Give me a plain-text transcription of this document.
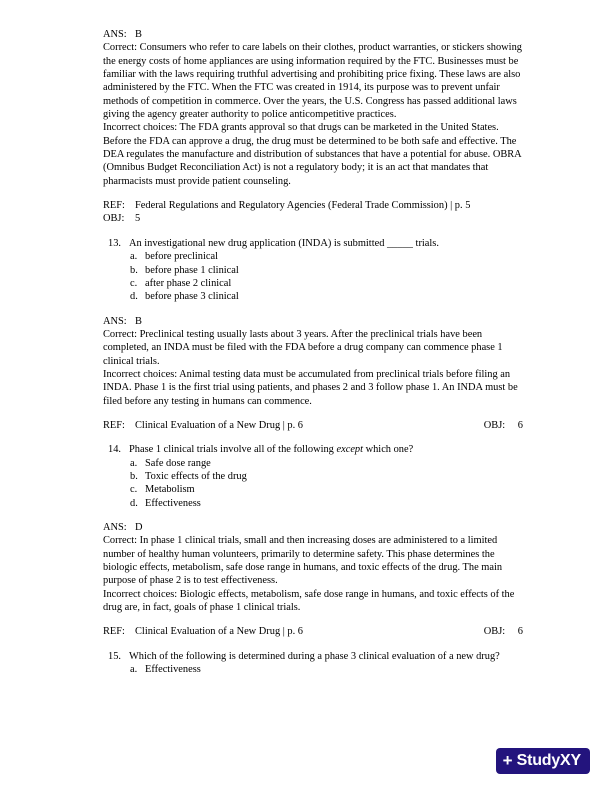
ANS: B

Correct: Consumers who refer to care labels on their clothes, product warranties, or stickers showing the energy costs of home appliances are using information required by the FTC. Businesses must be familiar with the laws requiring truthful advertising and prohibiting price fixing. These laws are also administered by the FTC. When the FTC was created in 1914, its purpose was to prevent unfair methods of competition in commerce. Over the years, the U.S. Congress has passed additional laws giving the agency greater authority to police anticompetitive practices.

Incorrect choices: The FDA grants approval so that drugs can be marketed in the United States. Before the FDA can approve a drug, the drug must be determined to be both safe and effective. The DEA regulates the manufacture and distribution of substances that have a potential for abuse. OBRA (Omnibus Budget Reconciliation Act) is not a regulatory body; it is an act that mandates that pharmacists must provide patient counseling.

REF: Federal Regulations and Regulatory Agencies (Federal Trade Commission) | p. 5
OBJ:	5
13. An investigational new drug application (INDA) is submitted _____ trials.
a. before preclinical
b. before phase 1 clinical
c. after phase 2 clinical
d. before phase 3 clinical
ANS: B

Correct: Preclinical testing usually lasts about 3 years. After the preclinical trials have been completed, an INDA must be filed with the FDA before a drug company can commence phase 1 clinical trials.

Incorrect choices: Animal testing data must be accumulated from preclinical trials before filing an INDA. Phase 1 is the first trial using patients, and phases 2 and 3 follow phase 1. An INDA must be filed before any testing in humans can commence.

REF: Clinical Evaluation of a New Drug | p. 6	OBJ:	6
14. Phase 1 clinical trials involve all of the following except which one?
a. Safe dose range
b. Toxic effects of the drug
c. Metabolism
d. Effectiveness
ANS: D

Correct: In phase 1 clinical trials, small and then increasing doses are administered to a limited number of healthy human volunteers, primarily to determine safety. This phase determines the biologic effects, metabolism, safe dose range in humans, and toxic effects of the drug. The main purpose of phase 2 is to test effectiveness.

Incorrect choices: Biologic effects, metabolism, safe dose range in humans, and toxic effects of the drug are, in fact, goals of phase 1 clinical trials.

REF: Clinical Evaluation of a New Drug | p. 6	OBJ:	6
15. Which of the following is determined during a phase 3 clinical evaluation of a new drug?
a. Effectiveness
+ StudyXY
